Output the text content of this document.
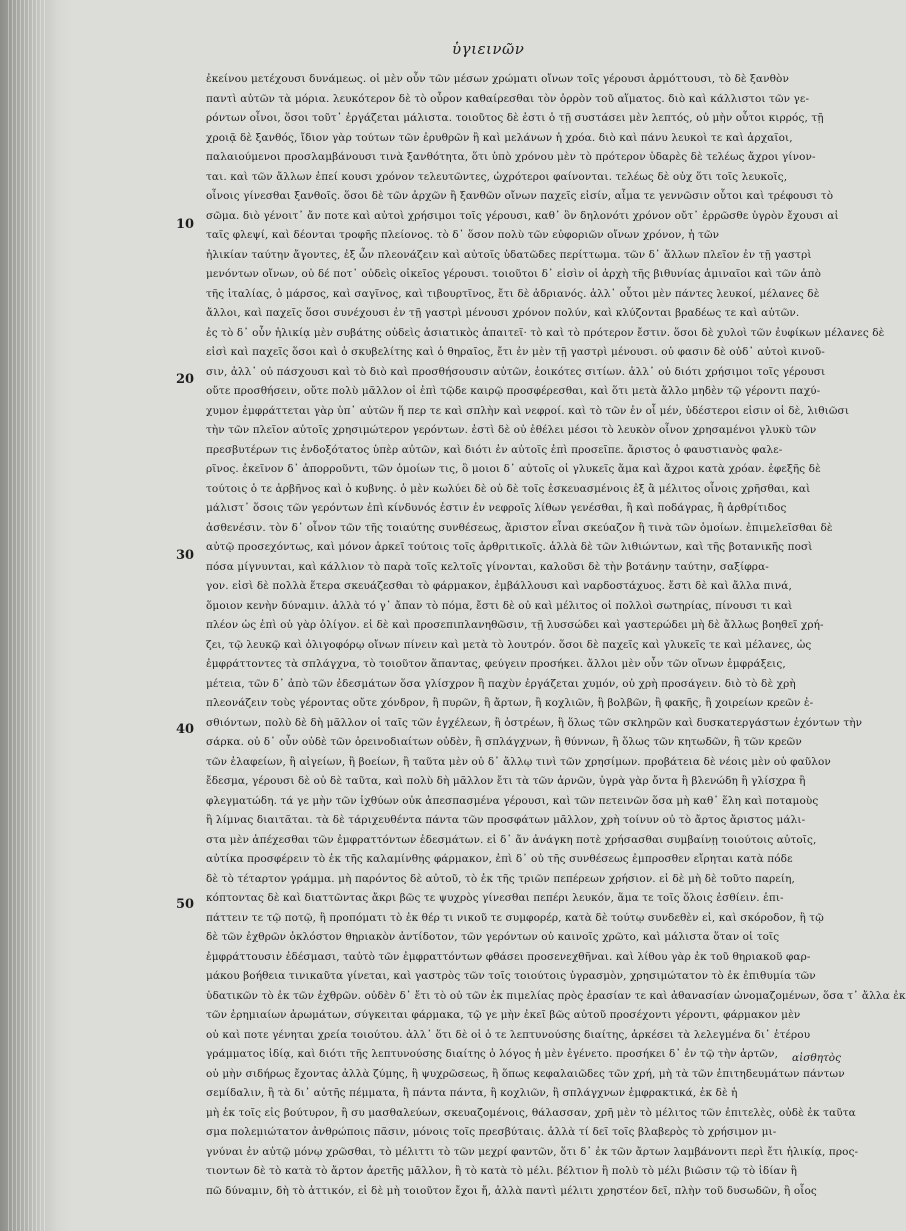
ὑγιεινῶν
10
20
30
40
50
ἐκείνου μετέχουσι δυνάμεως. οἱ μὲν οὖν τῶν μέσων χρώματι οἴνων τοῖς γέρουσι ἀρμόττουσι, τὸ δὲ ξανθὸν
παντὶ αὐτῶν τὰ μόρια. λευκότερον δὲ τὸ οὖρον καθαίρεσθαι τὸν ὀρρὸν τοῦ αἵματος. διὸ καὶ κάλλιστοι τῶν γε-
ρόντων οἶνοι, ὅσοι τοῦτ᾽ ἐργάζεται μάλιστα. τοιοῦτος δὲ ἐστι ὁ τῇ συστάσει μὲν λεπτός, οὐ μὴν οὗτοι κιρρός, τῇ
χροιᾷ δὲ ξανθός, ἴδιον γὰρ τούτων τῶν ἐρυθρῶν ἢ καὶ μελάνων ἡ χρόα. διὸ καὶ πάνυ λευκοὶ τε καὶ ἀρχαῖοι,
παλαιούμενοι προσλαμβάνουσι τινὰ ξανθότητα, ὅτι ὑπὸ χρόνου μὲν τὸ πρότερον ὑδαρὲς δὲ τελέως ἄχροι γίνον-
ται. καὶ τῶν ἄλλων ἐπεί κουσι χρόνον τελευτῶντες, ὠχρότεροι φαίνονται. τελέως δὲ οὐχ ὅτι τοῖς λευκοῖς,
οἶνοις γίνεσθαι ξανθοῖς. ὅσοι δὲ τῶν ἀρχῶν ἢ ξανθῶν οἴνων παχεῖς εἰσίν, αἷμα τε γεννῶσιν οὗτοι καὶ τρέφουσι τὸ
σῶμα. διὸ γένοιτ᾽ ἄν ποτε καὶ αὐτοὶ χρήσιμοι τοῖς γέρουσι, καθ᾽ ὃν δηλονότι χρόνον οὔτ᾽ ἐρρῶσθε ὑγρὸν ἔχουσι αἱ
ταῖς φλεψί, καὶ δέονται τροφῆς πλείονος. τὸ δ᾽ ὅσον πολὺ τῶν εὐφοριῶν οἴνων χρόνον, ἡ τῶν
ἡλικίαν ταύτην ἄγοντες, ἐξ ὧν πλεονάζειν καὶ αὐτοῖς ὑδατῶδες περίττωμα. τῶν δ᾽ ἄλλων πλεῖον ἐν τῇ γαστρὶ
μενόντων οἴνων, οὐ δέ ποτ᾽ οὐδεὶς οἰκεῖος γέρουσι. τοιοῦτοι δ᾽ εἰσὶν οἱ ἀρχὴ τῆς βιθυνίας ἀμιναῖοι καὶ τῶν ἀπὸ
τῆς ἰταλίας, ὁ μάρσος, καὶ σαγῖνος, καὶ τιβουρτῖνος, ἔτι δὲ ἀδριανός. ἀλλ᾽ οὗτοι μὲν πάντες λευκοί, μέλανες δὲ
ἄλλοι, καὶ παχεῖς ὅσοι συνέχουσι ἐν τῇ γαστρὶ μένουσι χρόνον πολύν, καὶ κλύζονται βραδέως τε καὶ αὐτῶν.
ἐς τὸ δ᾽ οὖν ἡλικίᾳ μὲν συβάτης οὐδεὶς ἀσιατικὸς ἀπαιτεῖ· τὸ καὶ τὸ πρότερον ἔστιν. ὅσοι δὲ χυλοὶ τῶν ἐυφίκων μέλανες δὲ
εἰσὶ καὶ παχεῖς ὅσοι καὶ ὁ σκυβελίτης καὶ ὁ θηραῖος, ἔτι ἐν μὲν τῇ γαστρὶ μένουσι. οὐ φασιν δὲ οὐδ᾽ αὐτοὶ κινοῦ-
σιν, ἀλλ᾽ οὐ πάσχουσι καὶ τὸ διὸ καὶ προσθήσουσιν αὐτῶν, ἐοικότες σιτίων. ἀλλ᾽ οὐ διότι χρήσιμοι τοῖς γέρουσι
οὔτε προσθήσειν, οὔτε πολὺ μᾶλλον οἱ ἐπὶ τῷδε καιρῷ προσφέρεσθαι, καὶ ὅτι μετὰ ἄλλο μηδὲν τῷ γέροντι παχύ-
χυμον ἐμφράττεται γὰρ ὑπ᾽ αὐτῶν ἥ περ τε καὶ σπλὴν καὶ νεφροί. καὶ τὸ τῶν ἐν οἷ μέν, ὑδέστεροι εἰσιν οἱ δὲ, λιθιῶσι
τὴν τῶν πλεῖον αὐτοῖς χρησιμώτερον γερόντων. ἐστὶ δὲ οὐ ἐθέλει μέσοι τὸ λευκὸν οἶνον χρησαμένοι γλυκὺ τῶν
πρεσβυτέρων τις ἐνδοξότατος ὑπὲρ αὐτῶν, καὶ διότι ἐν αὐτοῖς ἐπὶ προσεῖπε. ἄριστος ὁ φαυστιανὸς φαλε-
ρῖνος. ἐκεῖνον δ᾽ ἀπορροῦντι, τῶν ὁμοίων τις, ὃ μοιοι δ᾽ αὐτοῖς οἱ γλυκεῖς ἅμα καὶ ἄχροι κατὰ χρόαν. ἐφεξῆς δὲ
τούτοις ὁ τε ἀρβῆνος καὶ ὁ κυβνης. ὁ μὲν κωλύει δὲ οὐ δὲ τοῖς ἐσκευασμένοις ἐξ ἃ μέλιτος οἶνοις χρῆσθαι, καὶ
μάλιστ᾽ ὅσοις τῶν γερόντων ἐπὶ κίνδυνός ἐστιν ἐν νεφροῖς λίθων γενέσθαι, ἢ καὶ ποδάγρας, ἢ ἀρθρίτιδος
ἀσθενέσιν. τὸν δ᾽ οἶνον τῶν τῆς τοιαύτης συνθέσεως, ἄριστον εἶναι σκεύαζον ἢ τινὰ τῶν ὁμοίων. ἐπιμελεῖσθαι δὲ
αὐτῷ προσεχόντως, καὶ μόνον ἀρκεῖ τούτοις τοῖς ἀρθριτικοῖς. ἀλλὰ δὲ τῶν λιθιώντων, καὶ τῆς βοτανικῆς ποσὶ
πόσα μίγνυνται, καὶ κάλλιον τὸ παρὰ τοῖς κελτοῖς γίνονται, καλοῦσι δὲ τὴν βοτάνην ταύτην, σαξίφρα-
γον. εἰσὶ δὲ πολλὰ ἕτερα σκευάζεσθαι τὸ φάρμακον, ἐμβάλλουσι καὶ ναρδοστάχυος. ἔστι δὲ καὶ ἄλλα πινά,
ὅμοιον κενὴν δύναμιν. ἀλλὰ τό γ᾽ ἄπαν τὸ πόμα, ἔστι δὲ οὐ καὶ μέλιτος οἱ πολλοὶ σωτηρίας, πίνουσι τι καὶ
πλέον ὡς ἐπὶ οὐ γὰρ ὀλίγον. εἰ δὲ καὶ προσεπιπλανηθῶσιν, τῇ λυσσώδει καὶ γαστερώδει μὴ δὲ ἄλλως βοηθεῖ χρή-
ζει, τῷ λευκῷ καὶ ὀλιγοφόρῳ οἴνων πίνειν καὶ μετὰ τὸ λουτρόν. ὅσοι δὲ παχεῖς καὶ γλυκεῖς τε καὶ μέλανες, ὡς
ἐμφράττοντες τὰ σπλάγχνα, τὸ τοιοῦτον ἅπαντας, φεύγειν προσήκει. ἄλλοι μὲν οὖν τῶν οἴνων ἐμφράξεις,
μέτεια, τῶν δ᾽ ἀπὸ τῶν ἐδεσμάτων ὅσα γλίσχρον ἢ παχὺν ἐργάζεται χυμόν, οὐ χρὴ προσάγειν. διὸ τὸ δὲ χρὴ
πλεονάζειν τοὺς γέροντας οὔτε χόνδρον, ἢ πυρῶν, ἢ ἄρτων, ἢ κοχλιῶν, ἢ βολβῶν, ἢ φακῆς, ἢ χοιρείων κρεῶν ἐ-
σθιόντων, πολὺ δὲ δὴ μᾶλλον οἱ ταῖς τῶν ἐγχέλεων, ἢ ὀστρέων, ἢ ὅλως τῶν σκληρῶν καὶ δυσκατεργάστων ἐχόντων τὴν
σάρκα. οὐ δ᾽ οὖν οὐδὲ τῶν ὀρεινοδιαίτων οὐδὲν, ἢ σπλάγχνων, ἢ θύννων, ἢ ὅλως τῶν κητωδῶν, ἢ τῶν κρεῶν
τῶν ἐλαφείων, ἢ αἰγείων, ἢ βοείων, ἢ ταῦτα μὲν οὐ δ᾽ ἄλλῳ τινὶ τῶν χρησίμων. προβάτεια δὲ νέοις μὲν οὐ φαῦλον
ἔδεσμα, γέρουσι δὲ οὐ δὲ ταῦτα, καὶ πολὺ δὴ μᾶλλον ἔτι τὰ τῶν ἀρνῶν, ὑγρὰ γὰρ ὄντα ἢ βλενώδη ἢ γλίσχρα ἢ
φλεγματώδη. τά γε μὴν τῶν ἰχθύων οὐκ ἀπεσπασμένα γέρουσι, καὶ τῶν πετεινῶν ὅσα μὴ καθ᾽ ἕλη καὶ ποταμοὺς
ἢ λίμνας διαιτᾶται. τὰ δὲ τάριχευθέντα πάντα τῶν προσφάτων μᾶλλον, χρὴ τοίνυν οὐ τὸ ἄρτος ἄριστος μάλι-
στα μὲν ἀπέχεσθαι τῶν ἐμφραττόντων ἐδεσμάτων. εἰ δ᾽ ἄν ἀνάγκη ποτὲ χρήσασθαι συμβαίνῃ τοιούτοις αὐτοῖς,
αὐτίκα προσφέρειν τὸ ἐκ τῆς καλαμίνθης φάρμακον, ἐπὶ δ᾽ οὐ τῆς συνθέσεως ἐμπροσθεν εἴρηται κατὰ πόδε
δὲ τὸ τέταρτον γράμμα. μὴ παρόντος δὲ αὐτοῦ, τὸ ἐκ τῆς τριῶν πεπέρεων χρήσιον. εἰ δὲ μὴ δὲ τοῦτο παρείη,
κόπτοντας δὲ καὶ διαττῶντας ἄκρι βῶς τε ψυχρὸς γίνεσθαι πεπέρι λευκόν, ἅμα τε τοῖς ὅλοις ἐσθίειν. ἐπι-
πάττειν τε τῷ ποτῷ, ἢ προπόματι τὸ ἐκ θέρ τι νικοῦ τε συμφορέρ, κατὰ δὲ τούτῳ συνδεθὲν εἰ, καὶ σκόροδον, ἢ τῷ
δὲ τῶν ἐχθρῶν ὀκλόστον θηριακὸν ἀντίδοτον, τῶν γερόντων οὐ καινοῖς χρῶτο, καὶ μάλιστα ὅταν οἱ τοῖς
ἐμφράττουσιν ἐδέσμασι, ταὐτὸ τῶν ἐμφραττόντων φθάσει προσενεχθῆναι. καὶ λίθου γὰρ ἐκ τοῦ θηριακοῦ φαρ-
μάκου βοήθεια τινικαῦτα γίνεται, καὶ γαστρὸς τῶν τοῖς τοιούτοις ὑγρασμὸν, χρησιμώτατον τὸ ἐκ ἐπιθυμία τῶν
ὑδατικῶν τὸ ἐκ τῶν ἐχθρῶν. οὐδὲν δ᾽ ἔτι τὸ οὐ τῶν ἐκ πιμελίας πρὸς ἐρασίαν τε καὶ ἀθανασίαν ὠνομαζομένων, ὅσα τ᾽ ἄλλα ἐκ
τῶν ἐρημιαίων ἀρωμάτων, σύγκειται φάρμακα, τῷ γε μὴν ἐκεῖ βῶς αὐτοῦ προσέχοντι γέροντι, φάρμακον μὲν
οὐ καὶ ποτε γένηται χρεία τοιούτου. ἀλλ᾽ ὅτι δὲ οἱ ὁ τε λεπτυνούσης διαίτης, ἀρκέσει τὰ λελεγμένα δι᾽ ἑτέρου
γράμματος ἰδίᾳ, καὶ διότι τῆς λεπτυνούσης διαίτης ὁ λόγος ἡ μὲν ἐγένετο. προσήκει δ᾽ ἐν τῷ τὴν ἀρτῶν,
οὐ μὴν σιδήρως ἔχοντας ἀλλὰ ζύμης, ἢ ψυχρῶσεως, ἢ ὅπως κεφαλαιῶδες τῶν χρή, μὴ τὰ τῶν ἐπιτηδευμάτων πάντων
σεμίδαλιν, ἢ τὰ δι᾽ αὐτῆς πέμματα, ἢ πάντα πάντα, ἢ κοχλιῶν, ἢ σπλάγχνων ἐμφρακτικά, ἐκ δὲ ἡ
μὴ ἐκ τοῖς εἰς βούτυρον, ἢ συ μασθαλεύων, σκευαζομένοις, θάλασσαν, χρῆ μὲν τὸ μέλιτος τῶν ἐπιτελὲς, οὐδὲ ἐκ ταῦτα
σμα πολεμιώτατον ἀνθρώποις πᾶσιν, μόνοις τοῖς πρεσβύταις. ἀλλὰ τί δεῖ τοῖς βλαβερὸς τὸ χρήσιμον μι-
γνύναι ἐν αὐτῷ μόνῳ χρῶσθαι, τὸ μέλιττι τὸ τῶν μεχρί φαντῶν, ὅτι δ᾽ ἐκ τῶν ἄρτων λαμβάνοντι περὶ ἔτι ἡλικίᾳ, προς-
τιοντων δὲ τὸ κατὰ τὸ ἄρτον ἀρετῆς μᾶλλον, ἢ τὸ κατὰ τὸ μέλι. βέλτιον ἢ πολὺ τὸ μέλι βιῶσιν τῷ τὸ ἰδίαν ἢ
πῶ δύναμιν, δὴ τὸ ἀττικόν, εἰ δὲ μὴ τοιοῦτον ἔχοι ἤ, ἀλλὰ παντὶ μέλιτι χρηστέον δεῖ, πλὴν τοῦ δυσωδῶν, ἢ οἷος
αἰσθητὸς
